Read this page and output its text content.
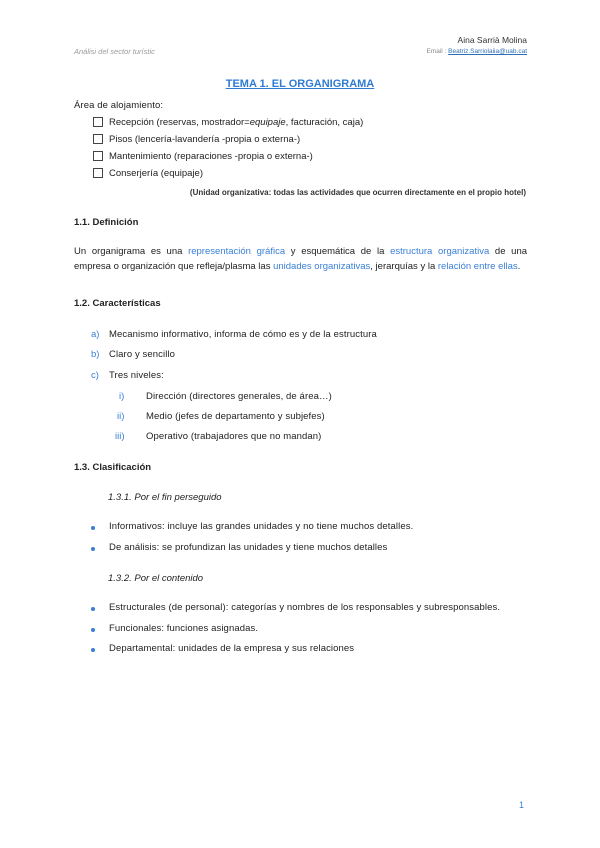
Análisi del sector turístic
Aina Sarrià Molina
Email : Beatriz.Sarriolaiia@uab.cat
TEMA 1. EL ORGANIGRAMA
Área de alojamiento:
Recepción (reservas, mostrador=equipaje, facturación, caja)
Pisos (lencería-lavandería -propia o externa-)
Mantenimiento (reparaciones -propia o externa-)
Conserjería (equipaje)
(Unidad organizativa: todas las actividades que ocurren directamente en el propio hotel)
1.1. Definición
Un organigrama es una representación gráfica y esquemática de la estructura organizativa de una empresa o organización que refleja/plasma las unidades organizativas, jerarquías y la relación entre ellas.
1.2. Características
a) Mecanismo informativo, informa de cómo es y de la estructura
b) Claro y sencillo
c) Tres niveles:
i) Dirección (directores generales, de área…)
ii) Medio (jefes de departamento y subjefes)
iii) Operativo (trabajadores que no mandan)
1.3. Clasificación
1.3.1. Por el fin perseguido
Informativos: incluye las grandes unidades y no tiene muchos detalles.
De análisis: se profundizan las unidades y tiene muchos detalles
1.3.2. Por el contenido
Estructurales (de personal): categorías y nombres de los responsables y subresponsables.
Funcionales: funciones asignadas.
Departamental: unidades de la empresa y sus relaciones
1
